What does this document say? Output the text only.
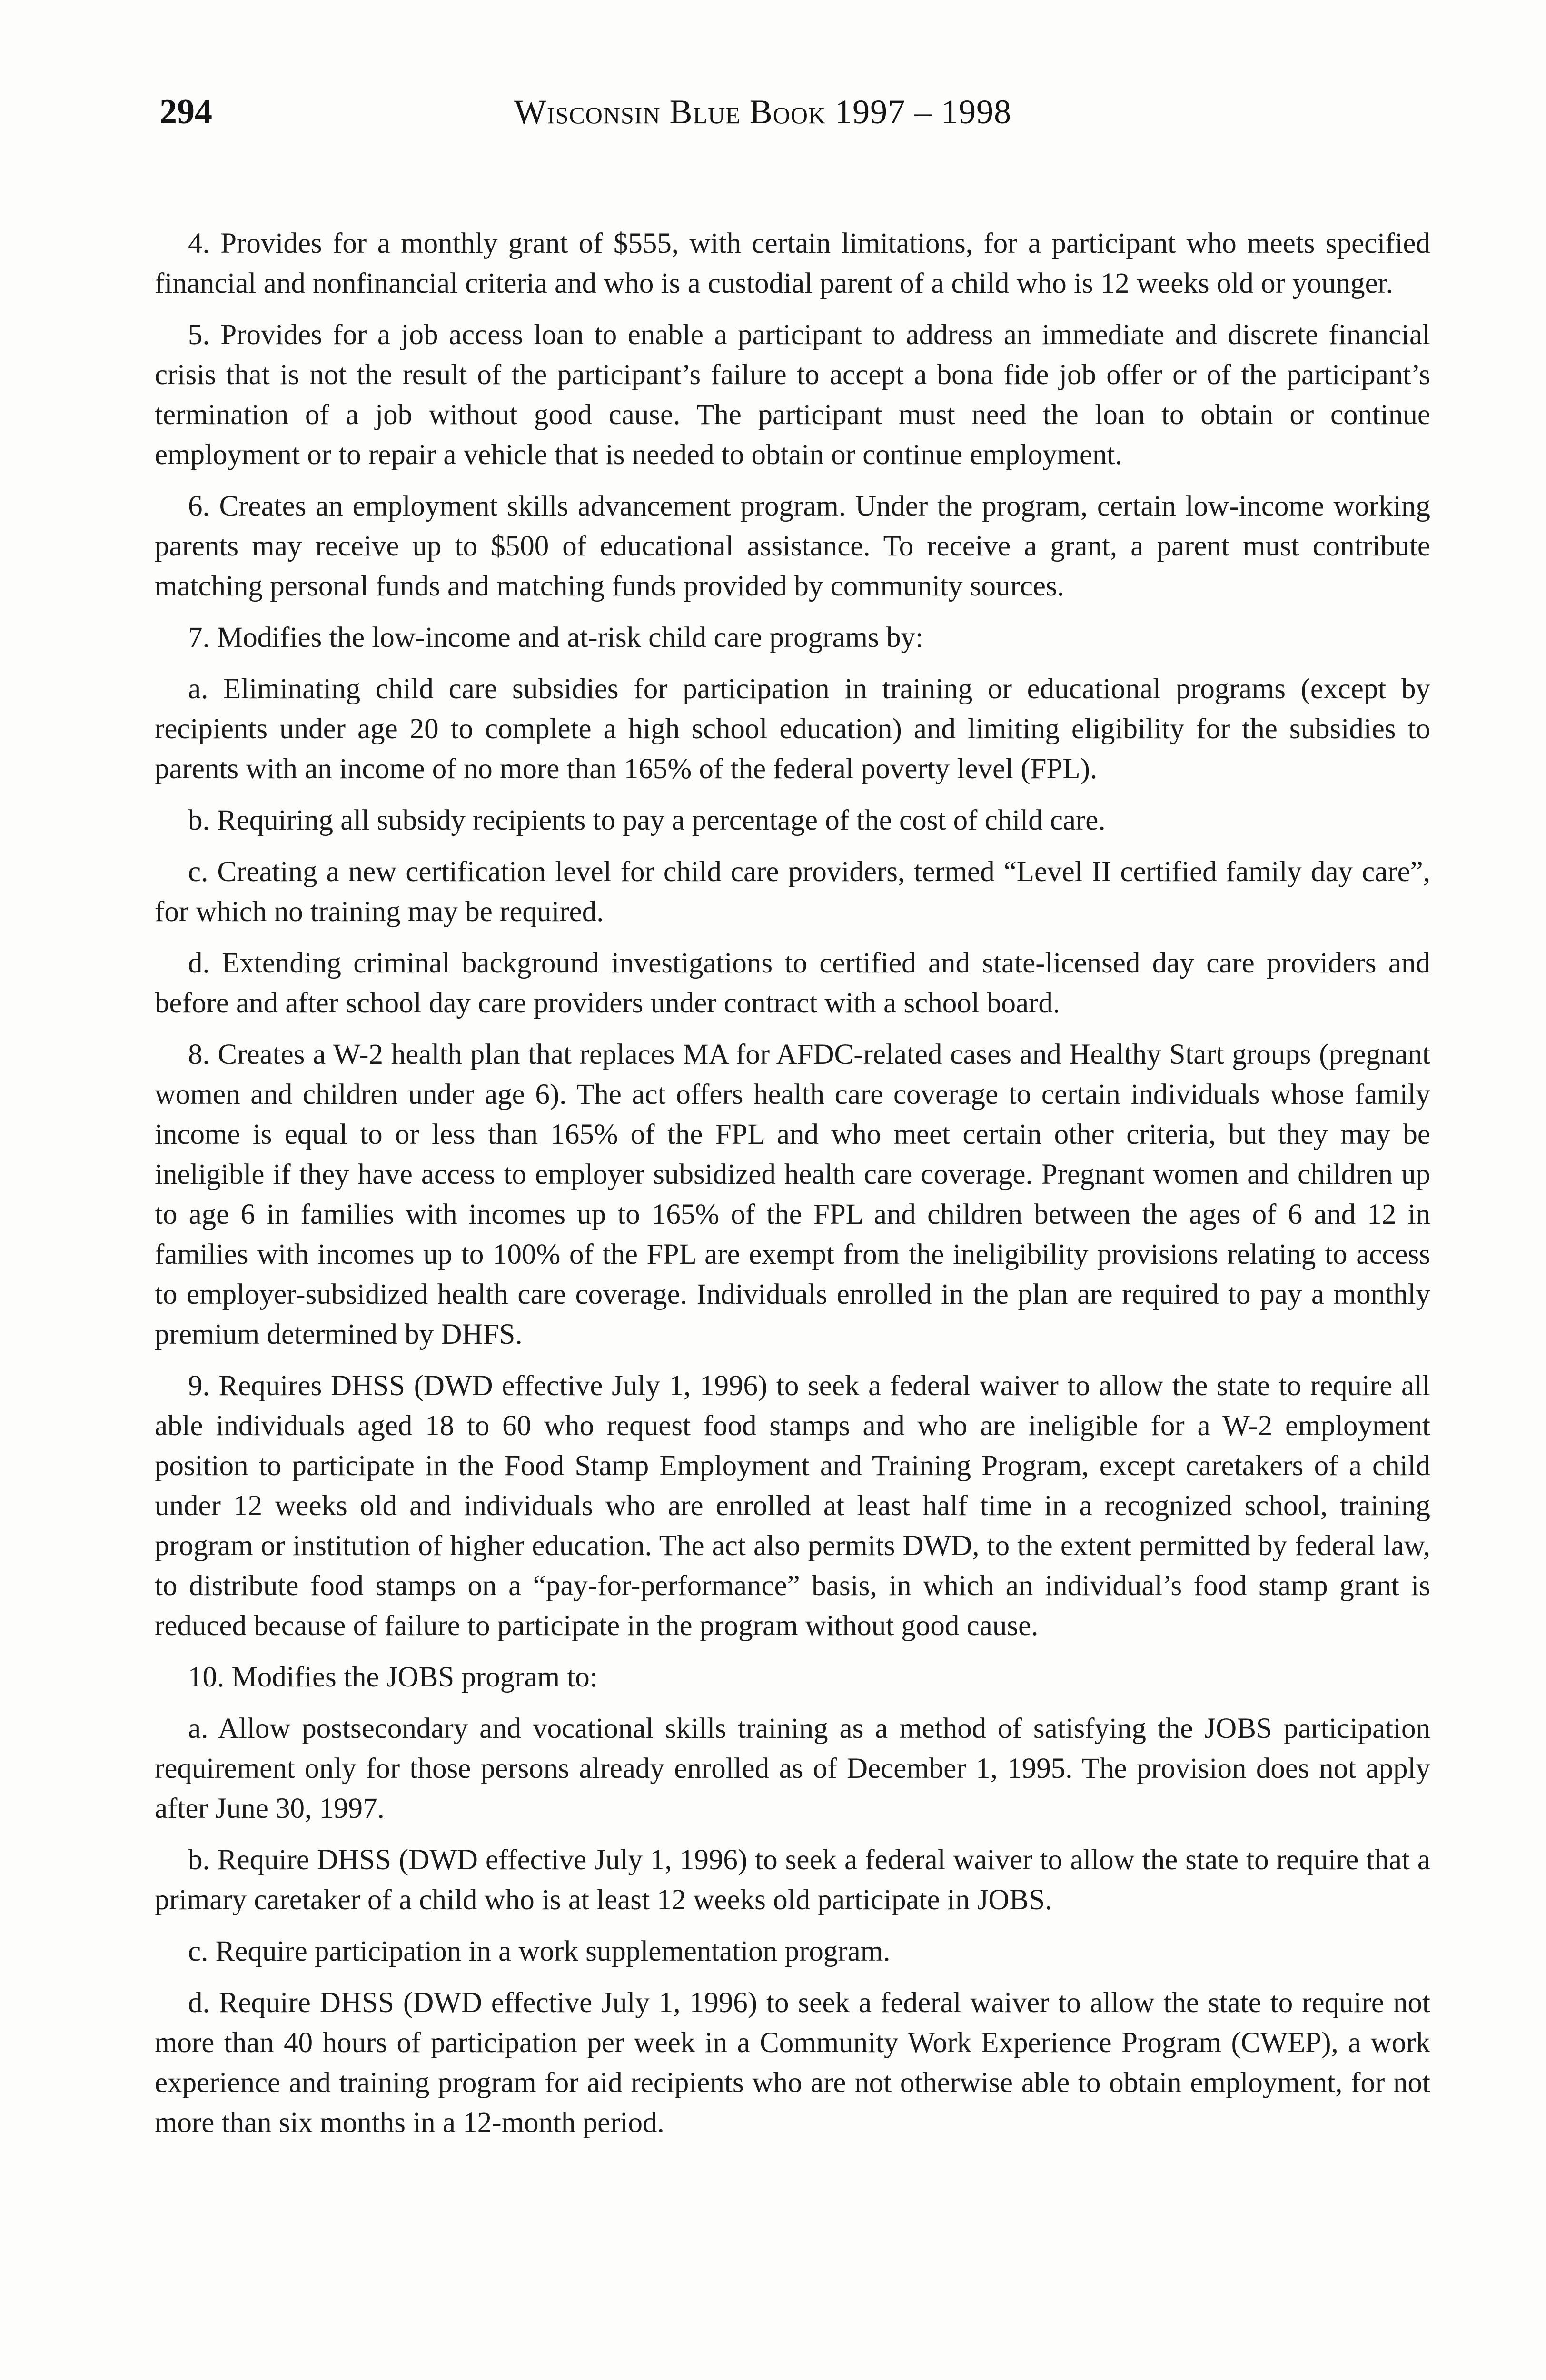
294	Wisconsin Blue Book 1997 – 1998

4. Provides for a monthly grant of $555, with certain limitations, for a participant who meets specified financial and nonfinancial criteria and who is a custodial parent of a child who is 12 weeks old or younger.

5. Provides for a job access loan to enable a participant to address an immediate and discrete financial crisis that is not the result of the participant’s failure to accept a bona fide job offer or of the participant’s termination of a job without good cause. The participant must need the loan to obtain or continue employment or to repair a vehicle that is needed to obtain or continue employment.

6. Creates an employment skills advancement program. Under the program, certain low-income working parents may receive up to $500 of educational assistance. To receive a grant, a parent must contribute matching personal funds and matching funds provided by community sources.

7. Modifies the low-income and at-risk child care programs by:

a. Eliminating child care subsidies for participation in training or educational programs (except by recipients under age 20 to complete a high school education) and limiting eligibility for the subsidies to parents with an income of no more than 165% of the federal poverty level (FPL).

b. Requiring all subsidy recipients to pay a percentage of the cost of child care.

c. Creating a new certification level for child care providers, termed “Level II certified family day care”, for which no training may be required.

d. Extending criminal background investigations to certified and state-licensed day care providers and before and after school day care providers under contract with a school board.

8. Creates a W-2 health plan that replaces MA for AFDC-related cases and Healthy Start groups (pregnant women and children under age 6). The act offers health care coverage to certain individuals whose family income is equal to or less than 165% of the FPL and who meet certain other criteria, but they may be ineligible if they have access to employer subsidized health care coverage. Pregnant women and children up to age 6 in families with incomes up to 165% of the FPL and children between the ages of 6 and 12 in families with incomes up to 100% of the FPL are exempt from the ineligibility provisions relating to access to employer-subsidized health care coverage. Individuals enrolled in the plan are required to pay a monthly premium determined by DHFS.

9. Requires DHSS (DWD effective July 1, 1996) to seek a federal waiver to allow the state to require all able individuals aged 18 to 60 who request food stamps and who are ineligible for a W-2 employment position to participate in the Food Stamp Employment and Training Program, except caretakers of a child under 12 weeks old and individuals who are enrolled at least half time in a recognized school, training program or institution of higher education. The act also permits DWD, to the extent permitted by federal law, to distribute food stamps on a “pay-for-performance” basis, in which an individual’s food stamp grant is reduced because of failure to participate in the program without good cause.

10. Modifies the JOBS program to:

a. Allow postsecondary and vocational skills training as a method of satisfying the JOBS participation requirement only for those persons already enrolled as of December 1, 1995. The provision does not apply after June 30, 1997.

b. Require DHSS (DWD effective July 1, 1996) to seek a federal waiver to allow the state to require that a primary caretaker of a child who is at least 12 weeks old participate in JOBS.

c. Require participation in a work supplementation program.

d. Require DHSS (DWD effective July 1, 1996) to seek a federal waiver to allow the state to require not more than 40 hours of participation per week in a Community Work Experience Program (CWEP), a work experience and training program for aid recipients who are not otherwise able to obtain employment, for not more than six months in a 12-month period.
